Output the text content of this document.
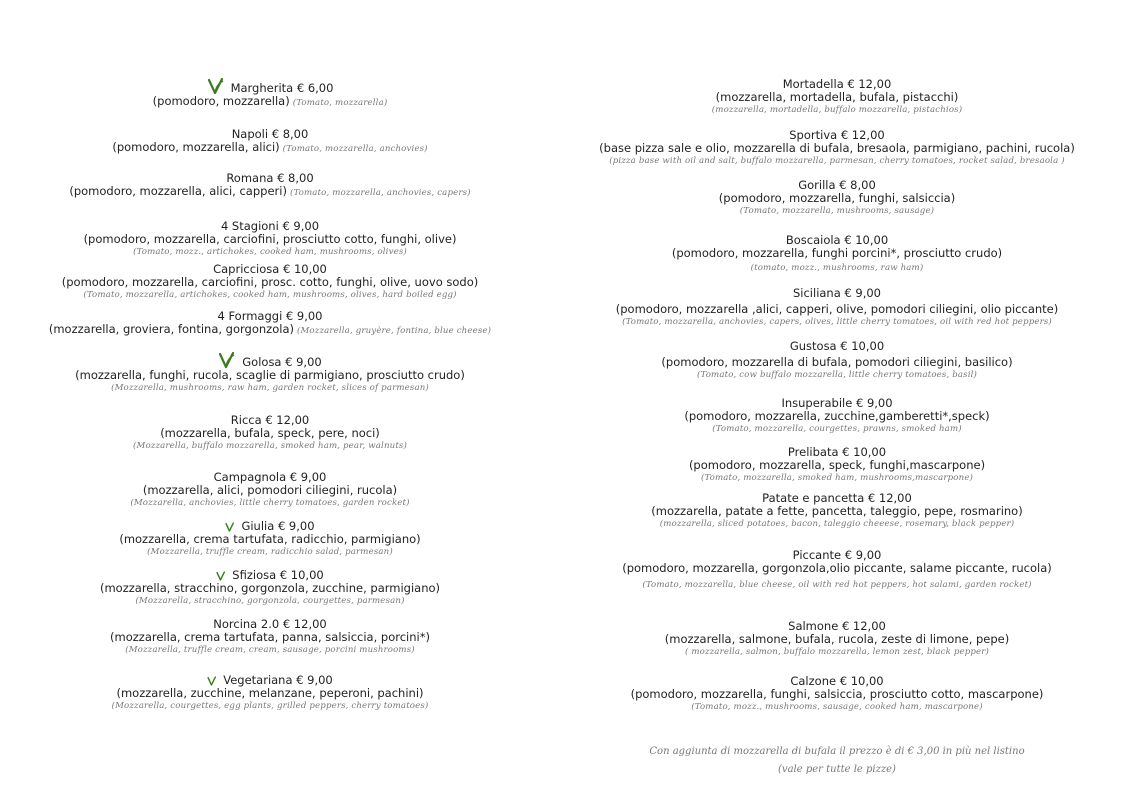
Margherita € 6,00
(pomodoro, mozzarella) (Tomato, mozzarella)
Napoli € 8,00
(pomodoro, mozzarella, alici) (Tomato, mozzarella, anchovies)
Romana € 8,00
(pomodoro, mozzarella, alici, capperi) (Tomato, mozzarella, anchovies, capers)
4 Stagioni € 9,00
(pomodoro, mozzarella, carciofini, prosciutto cotto, funghi, olive)
(Tomato, mozz., artichokes, cooked ham, mushrooms, olives)
Capricciosa € 10,00
(pomodoro, mozzarella, carciofini, prosc. cotto, funghi, olive, uovo sodo)
(Tomato, mozzarella, artichokes, cooked ham, mushrooms, olives, hard boiled egg)
4 Formaggi € 9,00
(mozzarella, groviera, fontina, gorgonzola) (Mozzarella, gruyère, fontina, blue cheese)
Golosa € 9,00
(mozzarella, funghi, rucola, scaglie di parmigiano, prosciutto crudo)
(Mozzarella, mushrooms, raw ham, garden rocket, slices of parmesan)
Ricca € 12,00
(mozzarella, bufala, speck, pere, noci)
(Mozzarella, buffalo mozzarella, smoked ham, pear, walnuts)
Campagnola € 9,00
(mozzarella, alici, pomodori ciliegini, rucola)
(Mozzarella, anchovies, little cherry tomatoes, garden rocket)
Giulia € 9,00
(mozzarella, crema tartufata, radicchio, parmigiano)
(Mozzarella, truffle cream, radicchio salad, parmesan)
Sfiziosa € 10,00
(mozzarella, stracchino, gorgonzola, zucchine, parmigiano)
(Mozzarella, stracchino, gorgonzola, courgettes, parmesan)
Norcina 2.0 € 12,00
(mozzarella, crema tartufata, panna, salsiccia, porcini*)
(Mozzarella, truffle cream, cream, sausage, porcini mushrooms)
Vegetariana € 9,00
(mozzarella, zucchine, melanzane, peperoni, pachini)
(Mozzarella, courgettes, egg plants, grilled peppers, cherry tomatoes)
Mortadella € 12,00
(mozzarella, mortadella, bufala, pistacchi)
(mozzarella, mortadella, buffalo mozzarella, pistachios)
Sportiva € 12,00
(base pizza sale e olio, mozzarella di bufala, bresaola, parmigiano, pachini, rucola)
(pizza base with oil and salt, buffalo mozzarella, parmesan, cherry tomatoes, rocket salad, bresaola )
Gorilla € 8,00
(pomodoro, mozzarella, funghi, salsiccia)
(Tomato, mozzarella, mushrooms, sausage)
Boscaiola € 10,00
(pomodoro, mozzarella, funghi porcini*, prosciutto crudo)
(tomato, mozz., mushrooms, raw ham)
Siciliana € 9,00
(pomodoro, mozzarella ,alici, capperi, olive, pomodori ciliegini, olio piccante)
(Tomato, mozzarella, anchovies, capers, olives, little cherry tomatoes, oil with red hot peppers)
Gustosa € 10,00
(pomodoro, mozzarella di bufala, pomodori ciliegini, basilico)
(Tomato, cow buffalo mozzarella, little cherry tomatoes, basil)
Insuperabile € 9,00
(pomodoro, mozzarella, zucchine,gamberetti*,speck)
(Tomato, mozzarella, courgettes, prawns, smoked ham)
Prelibata € 10,00
(pomodoro, mozzarella, speck, funghi,mascarpone)
(Tomato, mozzarella, smoked ham, mushrooms,mascarpone)
Patate e pancetta € 12,00
(mozzarella, patate a fette, pancetta, taleggio, pepe, rosmarino)
(mozzarella, sliced potatoes, bacon, taleggio cheeese, rosemary, black pepper)
Piccante € 9,00
(pomodoro, mozzarella, gorgonzola,olio piccante, salame piccante, rucola)
(Tomato, mozzarella, blue cheese, oil with red hot peppers, hot salami, garden rocket)
Salmone € 12,00
(mozzarella, salmone, bufala, rucola, zeste di limone, pepe)
( mozzarella, salmon, buffalo mozzarella, lemon zest, black pepper)
Calzone € 10,00
(pomodoro, mozzarella, funghi, salsiccia, prosciutto cotto, mascarpone)
(Tomato, mozz., mushrooms, sausage, cooked ham, mascarpone)
Con aggiunta di mozzarella di bufala il prezzo è di € 3,00 in più nel listino
(vale per tutte le pizze)
